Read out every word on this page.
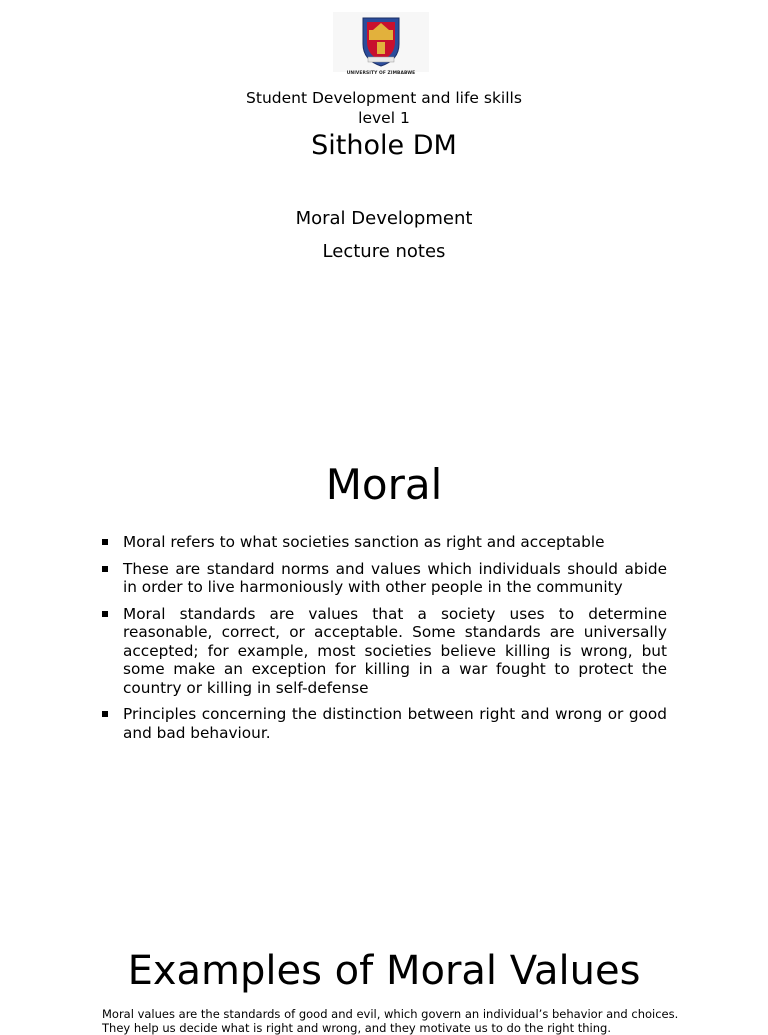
UNIVERSITY OF ZIMBABWE
Student Development and life skills
level 1
Sithole DM
Moral Development
Lecture notes
Moral
Moral refers to what societies sanction as right and acceptable
These are standard norms and values which individuals should abide in order to live harmoniously with other people in the community
Moral standards are values that a society uses to determine reasonable, correct, or acceptable. Some standards are universally accepted; for example, most societies believe killing is wrong, but some make an exception for killing in a war fought to protect the country or killing in self-defense
Principles concerning the distinction between right and wrong or good and bad behaviour.
Examples of Moral Values
Moral values are the standards of good and evil, which govern an individual’s behavior and choices.
They help us decide what is right and wrong, and they motivate us to do the right thing.
